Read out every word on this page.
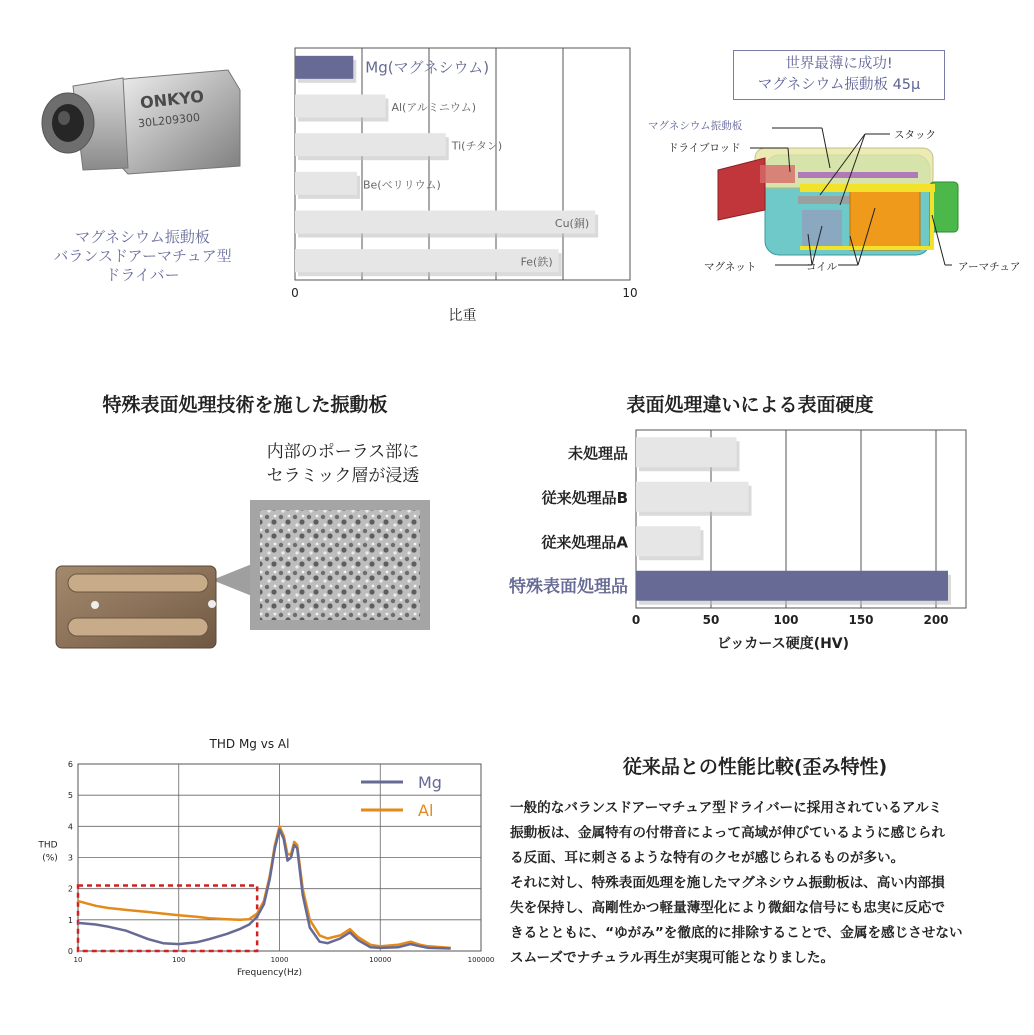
ONKYO
30L209300
マグネシウム振動板
バランスドアーマチュア型
ドライバー
Mg(マグネシウム)
Al(アルミニウム)
Ti(チタン)
Be(ベリリウム)
Cu(銅)
Fe(鉄)
0	10
比重
世界最薄に成功!
マグネシウム振動板 45μ
マグネシウム振動板
ドライブロッド
スタック
マグネット	コイル	アーマチュア
特殊表面処理技術を施した振動板
内部のポーラス部に
セラミック層が浸透
表面処理違いによる表面硬度
未処理品
従来処理品B
従来処理品A
特殊表面処理品
0	50	100	150	200
ビッカース硬度(HV)
THD Mg vs Al
0
1
2
3
4
5
6
10	100	1000	10000	100000
THD
(%)
Frequency(Hz)
Mg
Al
従来品との性能比較(歪み特性)
一般的なバランスドアーマチュア型ドライバーに採用されているアルミ
振動板は、金属特有の付帯音によって高域が伸びているように感じられ
る反面、耳に刺さるような特有のクセが感じられるものが多い。
それに対し、特殊表面処理を施したマグネシウム振動板は、高い内部損
失を保持し、高剛性かつ軽量薄型化により微細な信号にも忠実に反応で
きるとともに、“ゆがみ”を徹底的に排除することで、金属を感じさせない
スムーズでナチュラル再生が実現可能となりました。
